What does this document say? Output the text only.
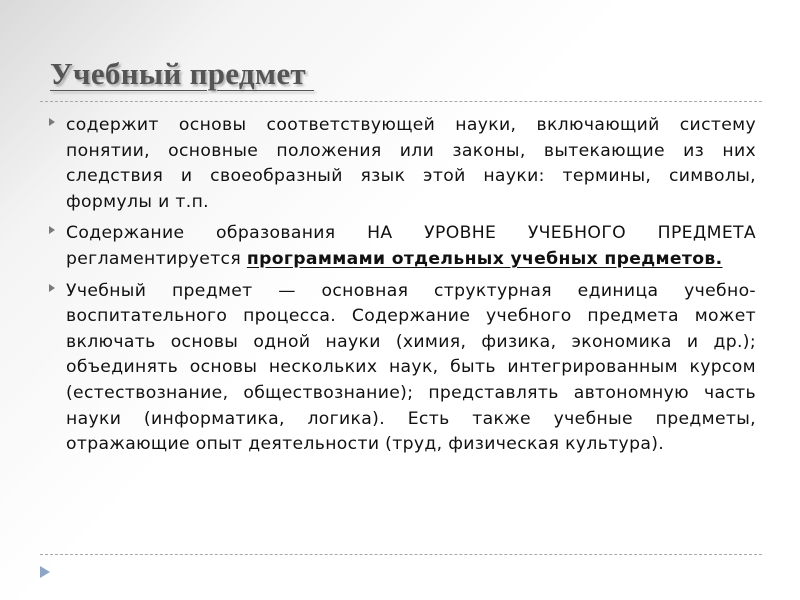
Учебный предмет

содержит основы соответствующей науки, включающий систему понятии, основные положения или законы, вытекающие из них следствия и своеобразный язык этой науки: термины, символы, формулы и т.п.

Содержание образования НА УРОВНЕ УЧЕБНОГО ПРЕДМЕТА регламентируется программами отдельных учебных предметов.

Учебный предмет — основная структурная единица учебно-воспитательного процесса. Содержание учебного предмета может включать основы одной науки (химия, физика, экономика и др.); объединять основы нескольких наук, быть интегрированным курсом (естествознание, обществознание); представлять автономную часть науки (информатика, логика). Есть также учебные предметы, отражающие опыт деятельности (труд, физическая культура).
